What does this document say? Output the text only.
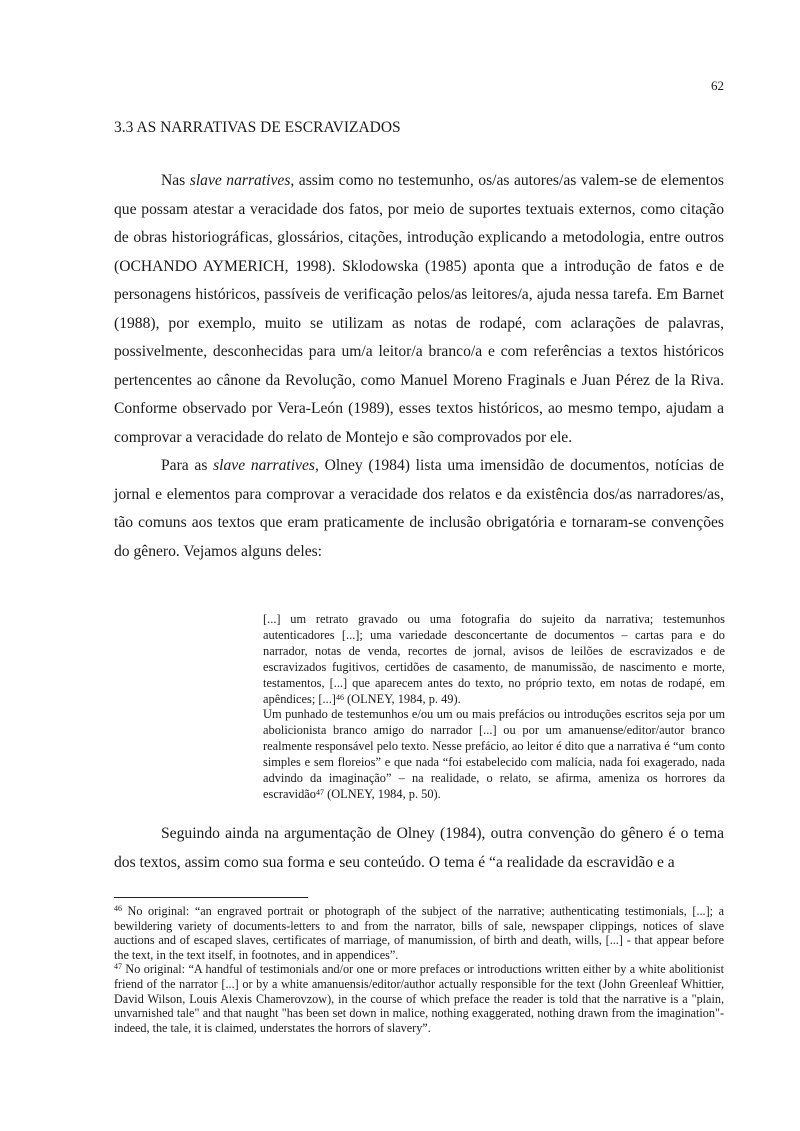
62
3.3 AS NARRATIVAS DE ESCRAVIZADOS

Nas slave narratives, assim como no testemunho, os/as autores/as valem-se de elementos que possam atestar a veracidade dos fatos, por meio de suportes textuais externos, como citação de obras historiográficas, glossários, citações, introdução explicando a metodologia, entre outros (OCHANDO AYMERICH, 1998). Sklodowska (1985) aponta que a introdução de fatos e de personagens históricos, passíveis de verificação pelos/as leitores/a, ajuda nessa tarefa. Em Barnet (1988), por exemplo, muito se utilizam as notas de rodapé, com aclarações de palavras, possivelmente, desconhecidas para um/a leitor/a branco/a e com referências a textos históricos pertencentes ao cânone da Revolução, como Manuel Moreno Fraginals e Juan Pérez de la Riva. Conforme observado por Vera-León (1989), esses textos históricos, ao mesmo tempo, ajudam a comprovar a veracidade do relato de Montejo e são comprovados por ele.

Para as slave narratives, Olney (1984) lista uma imensidão de documentos, notícias de jornal e elementos para comprovar a veracidade dos relatos e da existência dos/as narradores/as, tão comuns aos textos que eram praticamente de inclusão obrigatória e tornaram-se convenções do gênero. Vejamos alguns deles:

[...] um retrato gravado ou uma fotografia do sujeito da narrativa; testemunhos autenticadores [...]; uma variedade desconcertante de documentos – cartas para e do narrador, notas de venda, recortes de jornal, avisos de leilões de escravizados e de escravizados fugitivos, certidões de casamento, de manumissão, de nascimento e morte, testamentos, [...] que aparecem antes do texto, no próprio texto, em notas de rodapé, em apêndices; [...]$^{46}$ (OLNEY, 1984, p. 49).

Um punhado de testemunhos e/ou um ou mais prefácios ou introduções escritos seja por um abolicionista branco amigo do narrador [...] ou por um amanuense/editor/autor branco realmente responsável pelo texto. Nesse prefácio, ao leitor é dito que a narrativa é “um conto simples e sem floreios” e que nada “foi estabelecido com malícia, nada foi exagerado, nada advindo da imaginação” – na realidade, o relato, se afirma, ameniza os horrores da escravidão$^{47}$ (OLNEY, 1984, p. 50).

Seguindo ainda na argumentação de Olney (1984), outra convenção do gênero é o tema dos textos, assim como sua forma e seu conteúdo. O tema é “a realidade da escravidão e a

$^{46}$ No original: “an engraved portrait or photograph of the subject of the narrative; authenticating testimonials, [...]; a bewildering variety of documents-letters to and from the narrator, bills of sale, newspaper clippings, notices of slave auctions and of escaped slaves, certificates of marriage, of manumission, of birth and death, wills, [...] - that appear before the text, in the text itself, in footnotes, and in appendices”.

$^{47}$ No original: “A handful of testimonials and/or one or more prefaces or introductions written either by a white abolitionist friend of the narrator [...] or by a white amanuensis/editor/author actually responsible for the text (John Greenleaf Whittier, David Wilson, Louis Alexis Chamerovzow), in the course of which preface the reader is told that the narrative is a "plain, unvarnished tale" and that naught "has been set down in malice, nothing exaggerated, nothing drawn from the imagination"-indeed, the tale, it is claimed, understates the horrors of slavery”.
